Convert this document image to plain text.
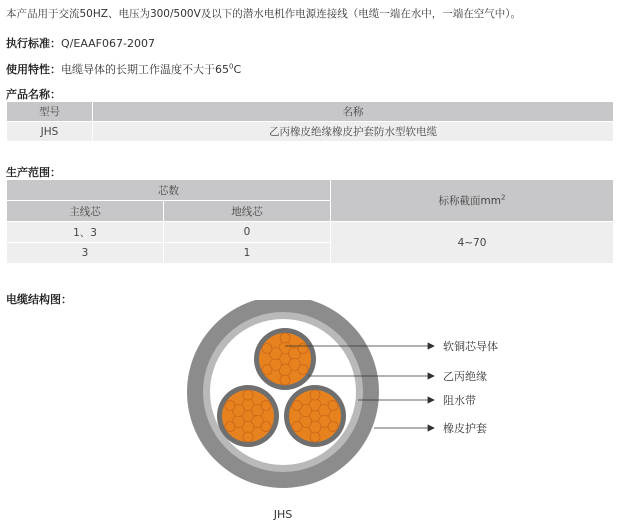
本产品用于交流50HZ、电压为300/500V及以下的潜水电机作电源连接线（电缆一端在水中，一端在空气中）。
执行标准：Q/EAAF067-2007
使用特性：电缆导体的长期工作温度不大于$65^0C$
产品名称：
型号	名称
JHS	乙丙橡皮绝缘橡皮护套防水型软电缆
生产范围：
芯数		标称截面$mm^2$
主线芯	地线芯	
1、3	0	4~70
3	1	
电缆结构图：
软铜芯导体
乙丙绝缘
阻水带
橡皮护套
JHS
